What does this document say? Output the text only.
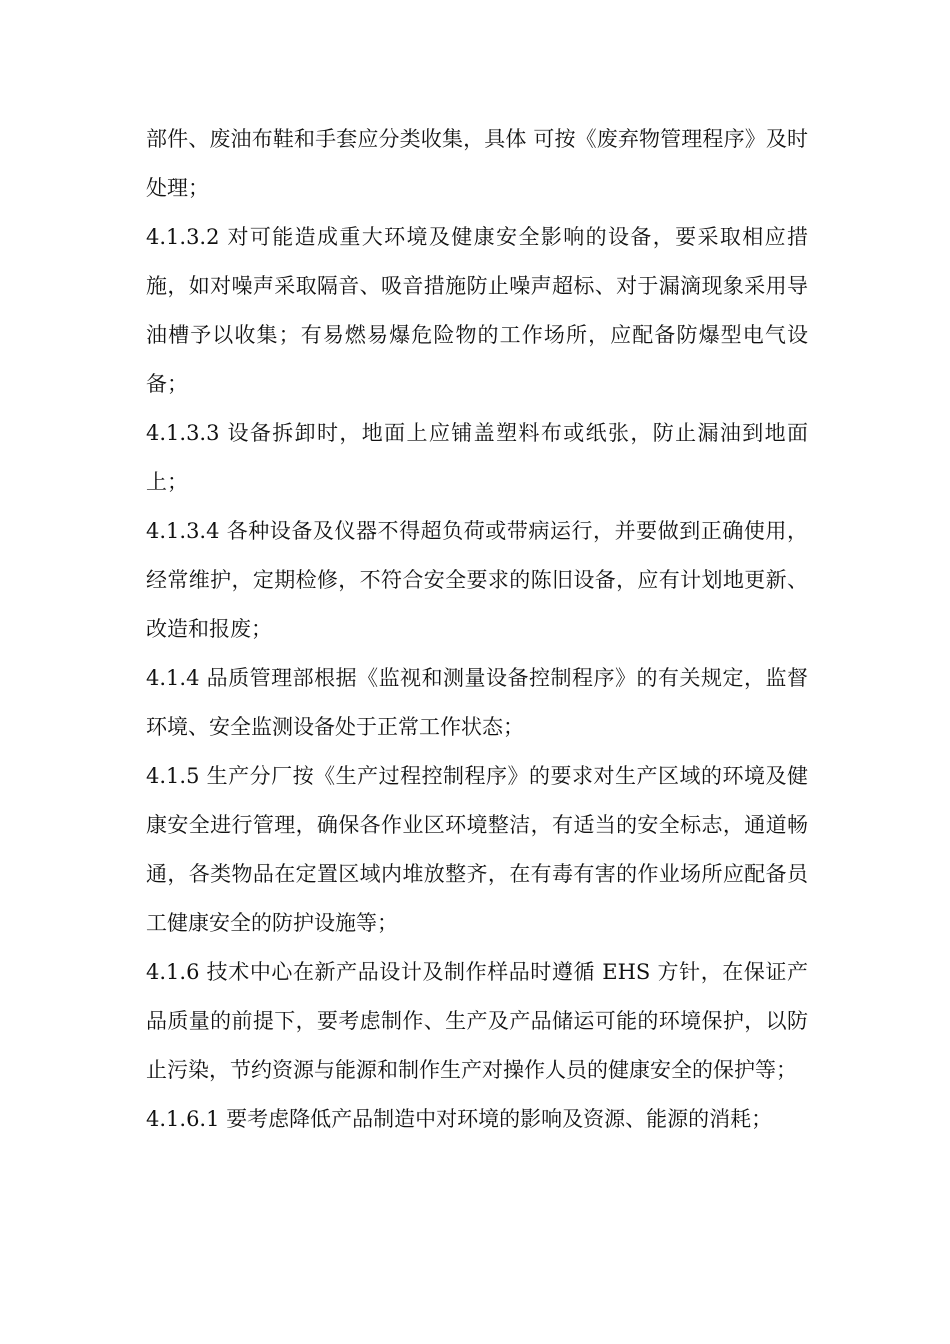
部件、废油布鞋和手套应分类收集，具体 可按《废弃物管理程序》及时处理；

4.1.3.2 对可能造成重大环境及健康安全影响的设备，要采取相应措施，如对噪声采取隔音、吸音措施防止噪声超标、对于漏滴现象采用导油槽予以收集；有易燃易爆危险物的工作场所，应配备防爆型电气设备；

4.1.3.3 设备拆卸时，地面上应铺盖塑料布或纸张，防止漏油到地面上；

4.1.3.4 各种设备及仪器不得超负荷或带病运行，并要做到正确使用，经常维护，定期检修，不符合安全要求的陈旧设备，应有计划地更新、改造和报废；

4.1.4 品质管理部根据《监视和测量设备控制程序》的有关规定，监督环境、安全监测设备处于正常工作状态；

4.1.5 生产分厂按《生产过程控制程序》的要求对生产区域的环境及健康安全进行管理，确保各作业区环境整洁，有适当的安全标志，通道畅通，各类物品在定置区域内堆放整齐，在有毒有害的作业场所应配备员工健康安全的防护设施等；

4.1.6 技术中心在新产品设计及制作样品时遵循 EHS 方针，在保证产品质量的前提下，要考虑制作、生产及产品储运可能的环境保护，以防止污染，节约资源与能源和制作生产对操作人员的健康安全的保护等；

4.1.6.1 要考虑降低产品制造中对环境的影响及资源、能源的消耗；
